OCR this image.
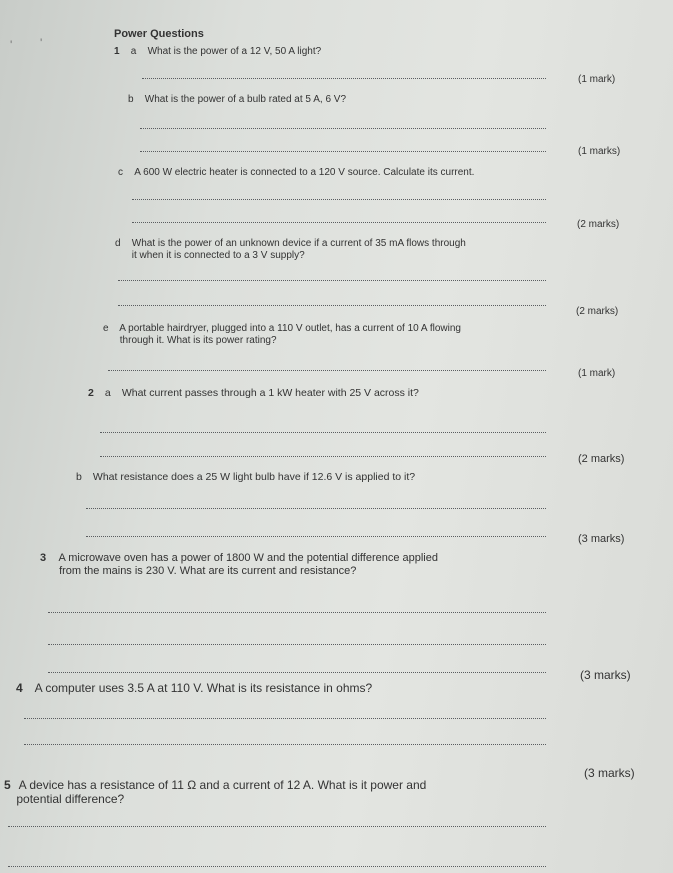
' '
Power Questions
1 a What is the power of a 12 V, 50 A light?
(1 mark)
b What is the power of a bulb rated at 5 A, 6 V?
(1 marks)
c A 600 W electric heater is connected to a 120 V source. Calculate its current.
(2 marks)
d What is the power of an unknown device if a current of 35 mA flows through
it when it is connected to a 3 V supply?
(2 marks)
e A portable hairdryer, plugged into a 110 V outlet, has a current of 10 A flowing
through it. What is its power rating?
(1 mark)
2 a What current passes through a 1 kW heater with 25 V across it?
(2 marks)
b What resistance does a 25 W light bulb have if 12.6 V is applied to it?
(3 marks)
3 A microwave oven has a power of 1800 W and the potential difference applied
from the mains is 230 V. What are its current and resistance?
(3 marks)
4 A computer uses 3.5 A at 110 V. What is its resistance in ohms?
(3 marks)
5 A device has a resistance of 11 Ω and a current of 12 A. What is it power and
potential difference?
